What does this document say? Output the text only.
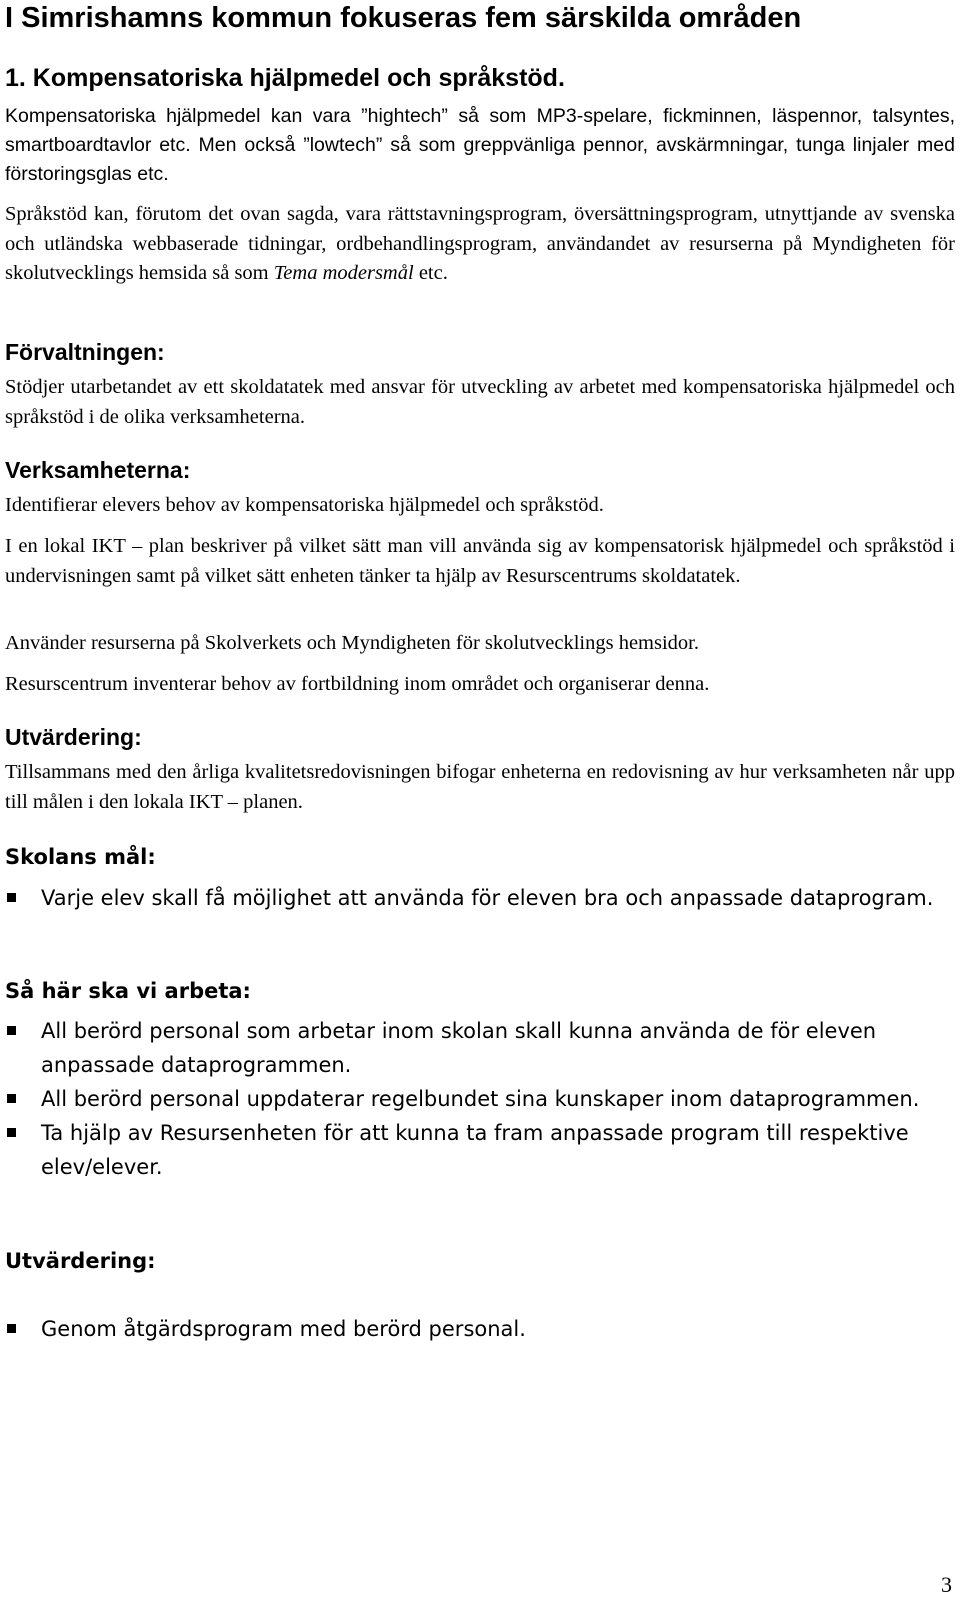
I Simrishamns kommun fokuseras fem särskilda områden
1. Kompensatoriska hjälpmedel och språkstöd.

Kompensatoriska hjälpmedel kan vara ”hightech” så som MP3-spelare, fickminnen, läspennor, talsyntes, smartboardtavlor etc. Men också ”lowtech” så som greppvänliga pennor, avskärmningar, tunga linjaler med förstoringsglas etc.

Språkstöd kan, förutom det ovan sagda, vara rättstavningsprogram, översättningsprogram, utnyttjande av svenska och utländska webbaserade tidningar, ordbehandlingsprogram, användandet av resurserna på Myndigheten för skolutvecklings hemsida så som Tema modersmål etc.

Förvaltningen:

Stödjer utarbetandet av ett skoldatatek med ansvar för utveckling av arbetet med kompensatoriska hjälpmedel och språkstöd i de olika verksamheterna.

Verksamheterna:

Identifierar elevers behov av kompensatoriska hjälpmedel och språkstöd.

I en lokal IKT – plan beskriver på vilket sätt man vill använda sig av kompensatorisk hjälpmedel och språkstöd i undervisningen samt på vilket sätt enheten tänker ta hjälp av Resurscentrums skoldatatek.

Använder resurserna på Skolverkets och Myndigheten för skolutvecklings hemsidor.

Resurscentrum inventerar behov av fortbildning inom området och organiserar denna.

Utvärdering:

Tillsammans med den årliga kvalitetsredovisningen bifogar enheterna en redovisning av hur verksamheten når upp till målen i den lokala IKT – planen.

Skolans mål:
Varje elev skall få möjlighet att använda för eleven bra och anpassade dataprogram.
Så här ska vi arbeta:
All berörd personal som arbetar inom skolan skall kunna använda de för eleven anpassade dataprogrammen.
All berörd personal uppdaterar regelbundet sina kunskaper inom dataprogrammen.
Ta hjälp av Resursenheten för att kunna ta fram anpassade program till respektive elev/elever.
Utvärdering:
Genom åtgärdsprogram med berörd personal.
3
